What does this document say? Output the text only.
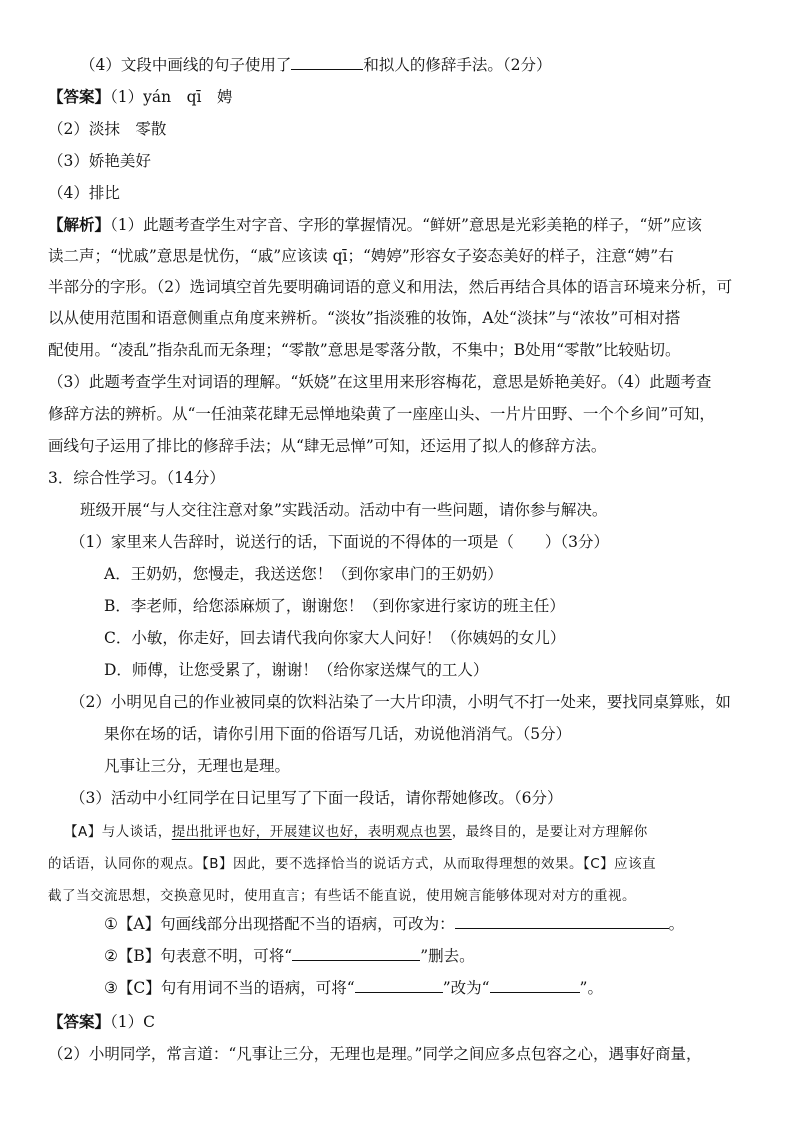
（4）文段中画线的句子使用了	和拟人的修辞手法。（2分）
【答案】（1）yán　qī　娉
（2）淡抹　零散
（3）娇艳美好
（4）排比
【解析】（1）此题考查学生对字音、字形的掌握情况。“鲜妍”意思是光彩美艳的样子，“妍”应该
读二声；“忧戚”意思是忧伤，“戚”应该读 qī；“娉婷”形容女子姿态美好的样子，注意“娉”右
半部分的字形。（2）选词填空首先要明确词语的意义和用法，然后再结合具体的语言环境来分析，可
以从使用范围和语意侧重点角度来辨析。“淡妆”指淡雅的妆饰，A处“淡抹”与“浓妆”可相对搭
配使用。“凌乱”指杂乱而无条理；“零散”意思是零落分散，不集中；B处用“零散”比较贴切。
（3）此题考查学生对词语的理解。“妖娆”在这里用来形容梅花，意思是娇艳美好。（4）此题考查
修辞方法的辨析。从“一任油菜花肆无忌惮地染黄了一座座山头、一片片田野、一个个乡间”可知，
画线句子运用了排比的修辞手法；从“肆无忌惮”可知，还运用了拟人的修辞方法。
3．综合性学习。（14分）
班级开展“与人交往注意对象”实践活动。活动中有一些问题，请你参与解决。
（1）家里来人告辞时，说送行的话，下面说的不得体的一项是（　　）（3分）
A．王奶奶，您慢走，我送送您！（到你家串门的王奶奶）
B．李老师，给您添麻烦了，谢谢您！（到你家进行家访的班主任）
C．小敏，你走好，回去请代我向你家大人问好！（你姨妈的女儿）
D．师傅，让您受累了，谢谢！（给你家送煤气的工人）
（2）小明见自己的作业被同桌的饮料沾染了一大片印渍，小明气不打一处来，要找同桌算账，如
果你在场的话，请你引用下面的俗语写几话，劝说他消消气。（5分）
凡事让三分，无理也是理。
（3）活动中小红同学在日记里写了下面一段话，请你帮她修改。（6分）
【A】与人谈话，提出批评也好，开展建议也好，表明观点也罢，最终目的，是要让对方理解你
的话语，认同你的观点。【B】因此，要不选择恰当的说话方式，从而取得理想的效果。【C】应该直
截了当交流思想，交换意见时，使用直言；有些话不能直说，使用婉言能够体现对对方的重视。
①【A】句画线部分出现搭配不当的语病，可改为：	。
②【B】句表意不明，可将“	”删去。
③【C】句有用词不当的语病，可将“	”改为“	”。
【答案】（1）C
（2）小明同学，常言道：“凡事让三分，无理也是理。”同学之间应多点包容之心，遇事好商量，
